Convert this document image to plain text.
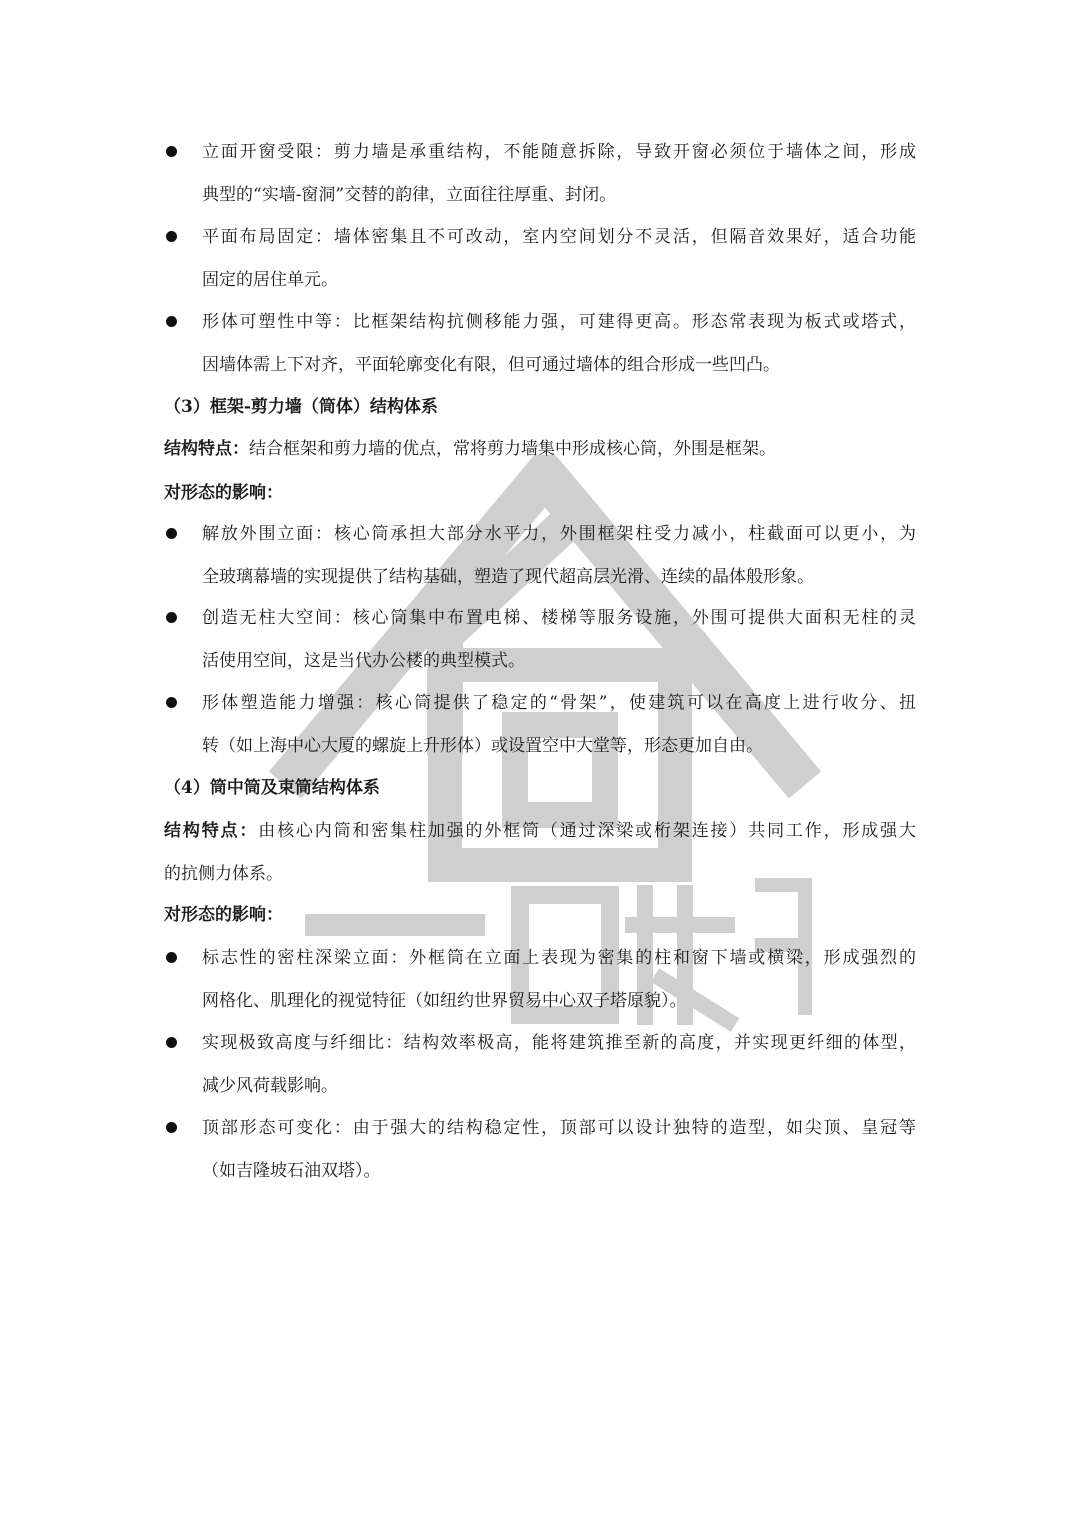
立面开窗受限：剪力墙是承重结构，不能随意拆除，导致开窗必须位于墙体之间，形成
典型的“实墙-窗洞”交替的韵律，立面往往厚重、封闭。
平面布局固定：墙体密集且不可改动，室内空间划分不灵活，但隔音效果好，适合功能
固定的居住单元。
形体可塑性中等：比框架结构抗侧移能力强，可建得更高。形态常表现为板式或塔式，
因墙体需上下对齐，平面轮廓变化有限，但可通过墙体的组合形成一些凹凸。
（3）框架-剪力墙（筒体）结构体系
结构特点：结合框架和剪力墙的优点，常将剪力墙集中形成核心筒，外围是框架。
对形态的影响：
解放外围立面：核心筒承担大部分水平力，外围框架柱受力减小，柱截面可以更小，为
全玻璃幕墙的实现提供了结构基础，塑造了现代超高层光滑、连续的晶体般形象。
创造无柱大空间：核心筒集中布置电梯、楼梯等服务设施，外围可提供大面积无柱的灵
活使用空间，这是当代办公楼的典型模式。
形体塑造能力增强：核心筒提供了稳定的“骨架”，使建筑可以在高度上进行收分、扭
转（如上海中心大厦的螺旋上升形体）或设置空中大堂等，形态更加自由。
（4）筒中筒及束筒结构体系
结构特点：由核心内筒和密集柱加强的外框筒（通过深梁或桁架连接）共同工作，形成强大
的抗侧力体系。
对形态的影响：
标志性的密柱深梁立面：外框筒在立面上表现为密集的柱和窗下墙或横梁，形成强烈的
网格化、肌理化的视觉特征（如纽约世界贸易中心双子塔原貌）。
实现极致高度与纤细比：结构效率极高，能将建筑推至新的高度，并实现更纤细的体型，
减少风荷载影响。
顶部形态可变化：由于强大的结构稳定性，顶部可以设计独特的造型，如尖顶、皇冠等
（如吉隆坡石油双塔）。
